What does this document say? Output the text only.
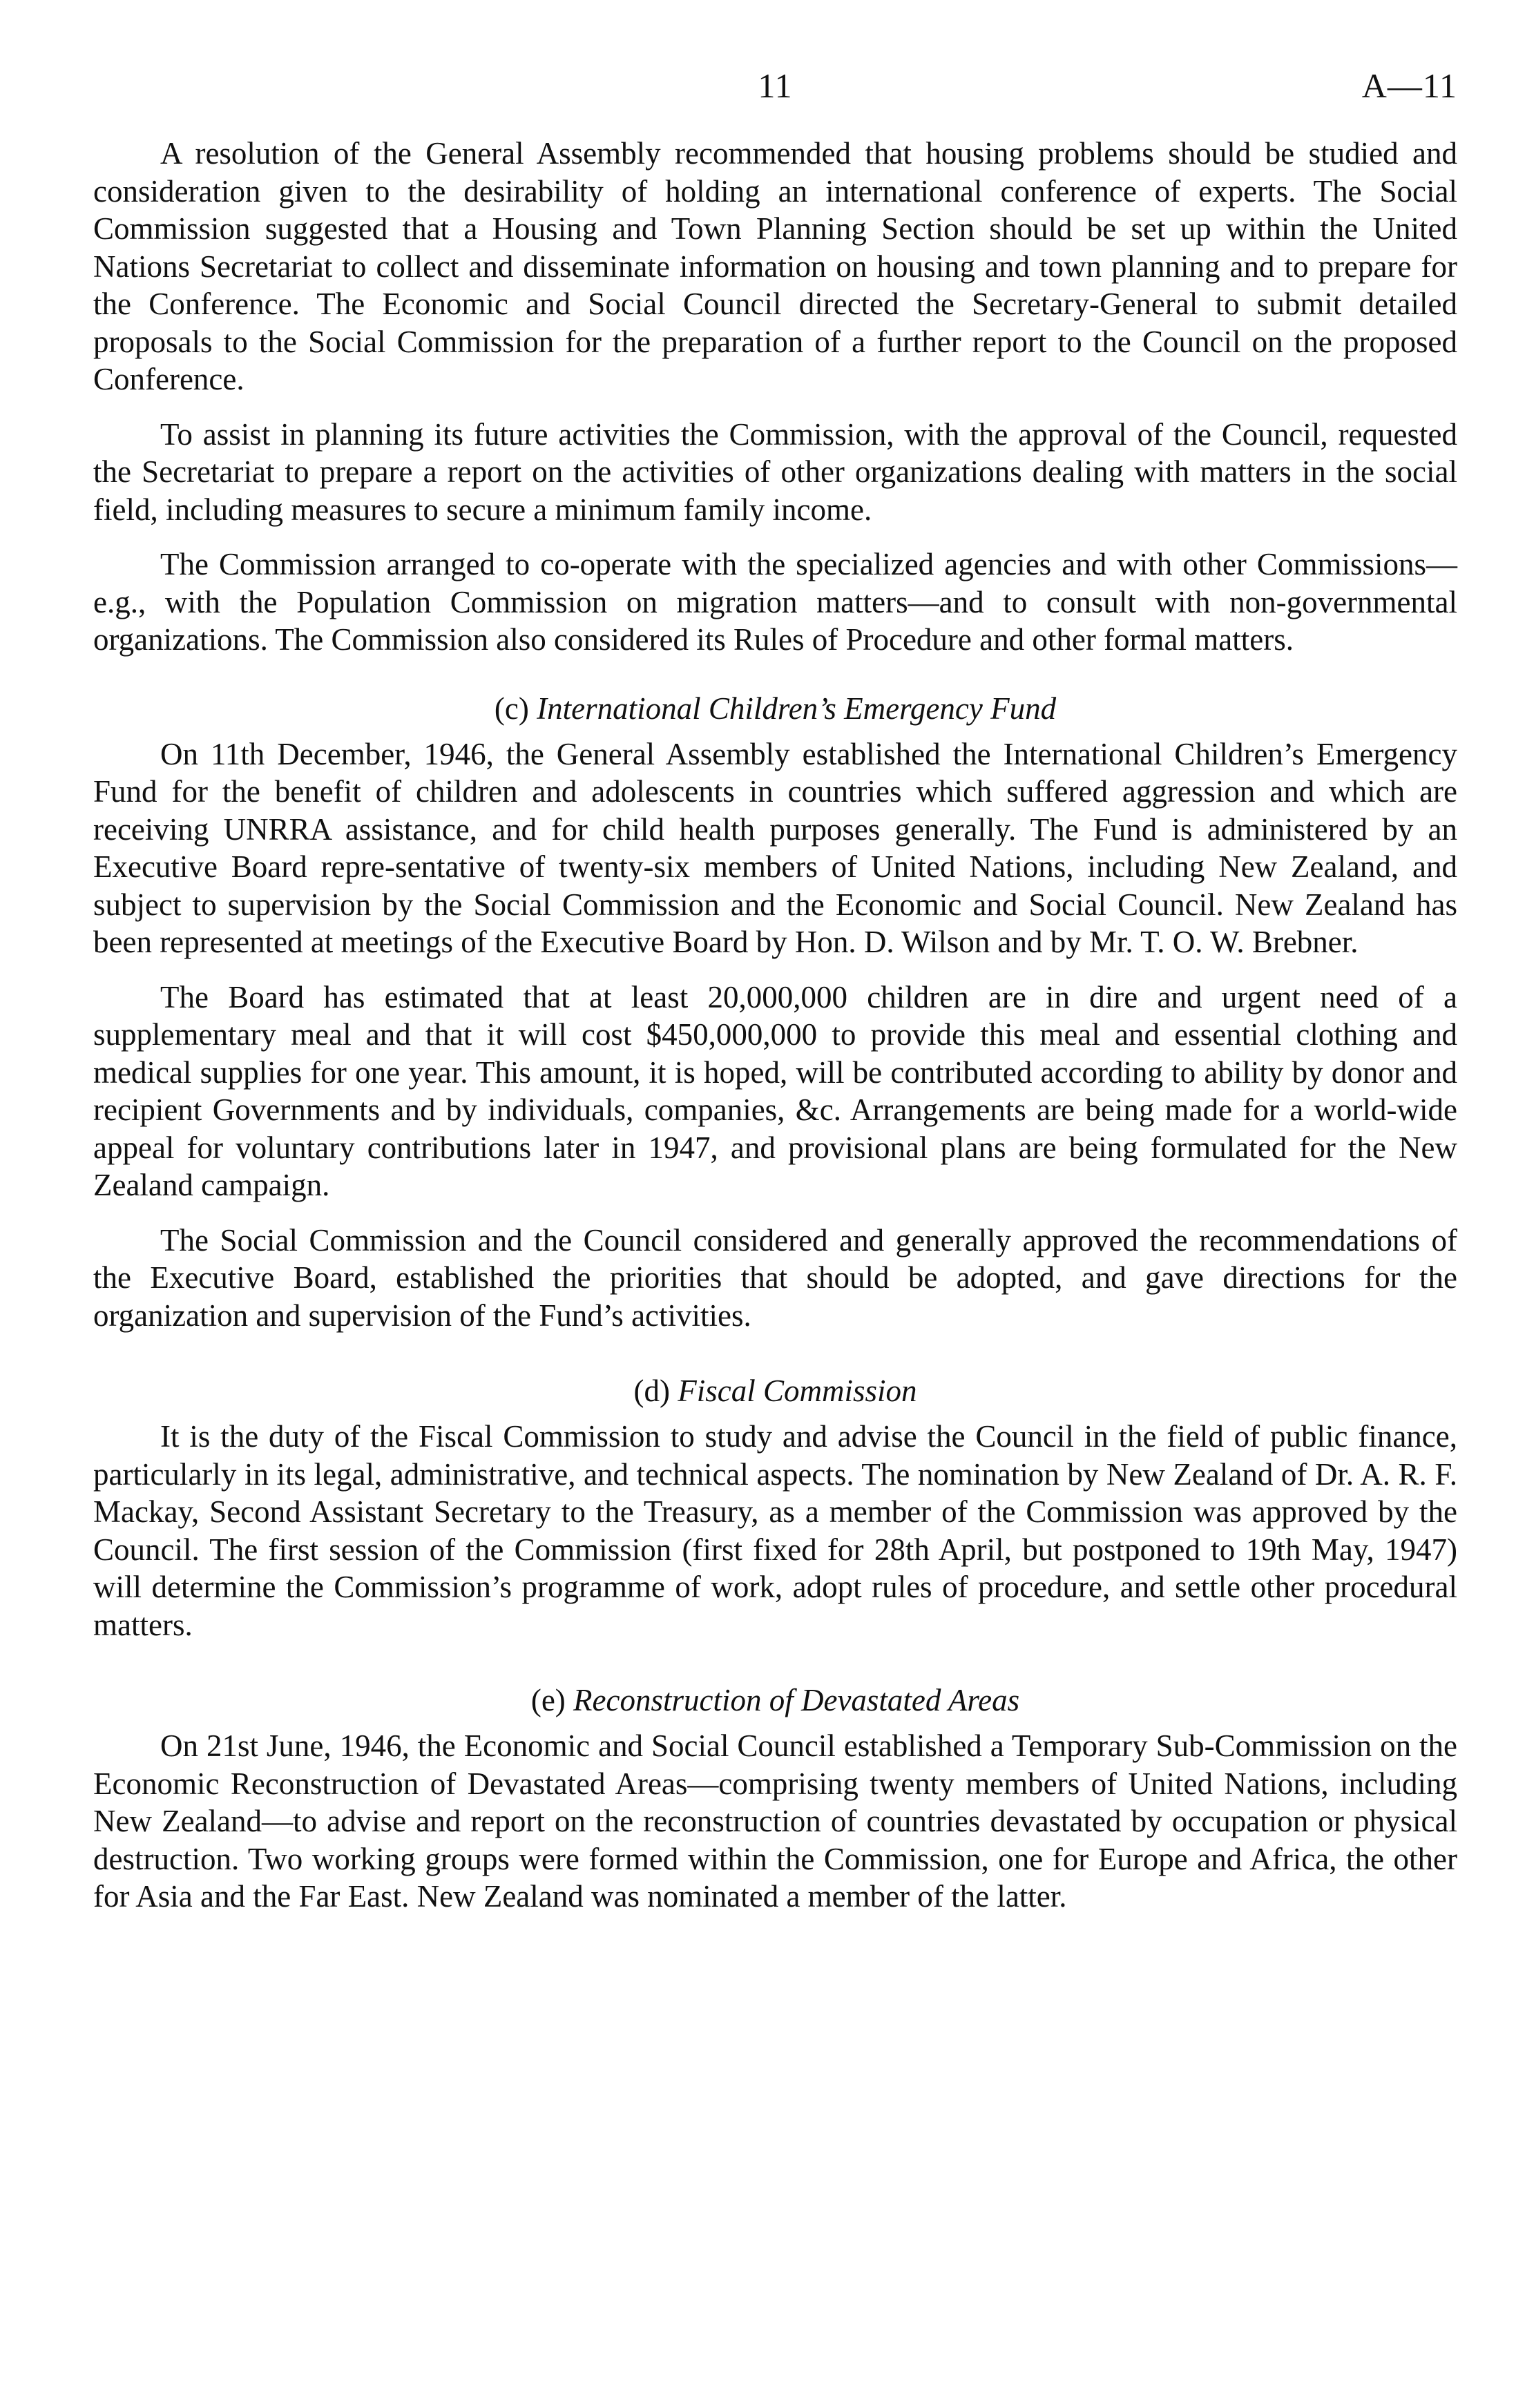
11	A—11

A resolution of the General Assembly recommended that housing problems should be studied and consideration given to the desirability of holding an international conference of experts. The Social Commission suggested that a Housing and Town Planning Section should be set up within the United Nations Secretariat to collect and disseminate information on housing and town planning and to prepare for the Conference. The Economic and Social Council directed the Secretary-General to submit detailed proposals to the Social Commission for the preparation of a further report to the Council on the proposed Conference.

To assist in planning its future activities the Commission, with the approval of the Council, requested the Secretariat to prepare a report on the activities of other organizations dealing with matters in the social field, including measures to secure a minimum family income.

The Commission arranged to co-operate with the specialized agencies and with other Commissions—e.g., with the Population Commission on migration matters—and to consult with non-governmental organizations. The Commission also considered its Rules of Procedure and other formal matters.

(c) International Children’s Emergency Fund

On 11th December, 1946, the General Assembly established the International Children’s Emergency Fund for the benefit of children and adolescents in countries which suffered aggression and which are receiving UNRRA assistance, and for child health purposes generally. The Fund is administered by an Executive Board repre-sentative of twenty-six members of United Nations, including New Zealand, and subject to supervision by the Social Commission and the Economic and Social Council. New Zealand has been represented at meetings of the Executive Board by Hon. D. Wilson and by Mr. T. O. W. Brebner.

The Board has estimated that at least 20,000,000 children are in dire and urgent need of a supplementary meal and that it will cost $450,000,000 to provide this meal and essential clothing and medical supplies for one year. This amount, it is hoped, will be contributed according to ability by donor and recipient Governments and by individuals, companies, &c. Arrangements are being made for a world-wide appeal for voluntary contributions later in 1947, and provisional plans are being formulated for the New Zealand campaign.

The Social Commission and the Council considered and generally approved the recommendations of the Executive Board, established the priorities that should be adopted, and gave directions for the organization and supervision of the Fund’s activities.

(d) Fiscal Commission

It is the duty of the Fiscal Commission to study and advise the Council in the field of public finance, particularly in its legal, administrative, and technical aspects. The nomination by New Zealand of Dr. A. R. F. Mackay, Second Assistant Secretary to the Treasury, as a member of the Commission was approved by the Council. The first session of the Commission (first fixed for 28th April, but postponed to 19th May, 1947) will determine the Commission’s programme of work, adopt rules of procedure, and settle other procedural matters.

(e) Reconstruction of Devastated Areas

On 21st June, 1946, the Economic and Social Council established a Temporary Sub-Commission on the Economic Reconstruction of Devastated Areas—comprising twenty members of United Nations, including New Zealand—to advise and report on the reconstruction of countries devastated by occupation or physical destruction. Two working groups were formed within the Commission, one for Europe and Africa, the other for Asia and the Far East. New Zealand was nominated a member of the latter.
